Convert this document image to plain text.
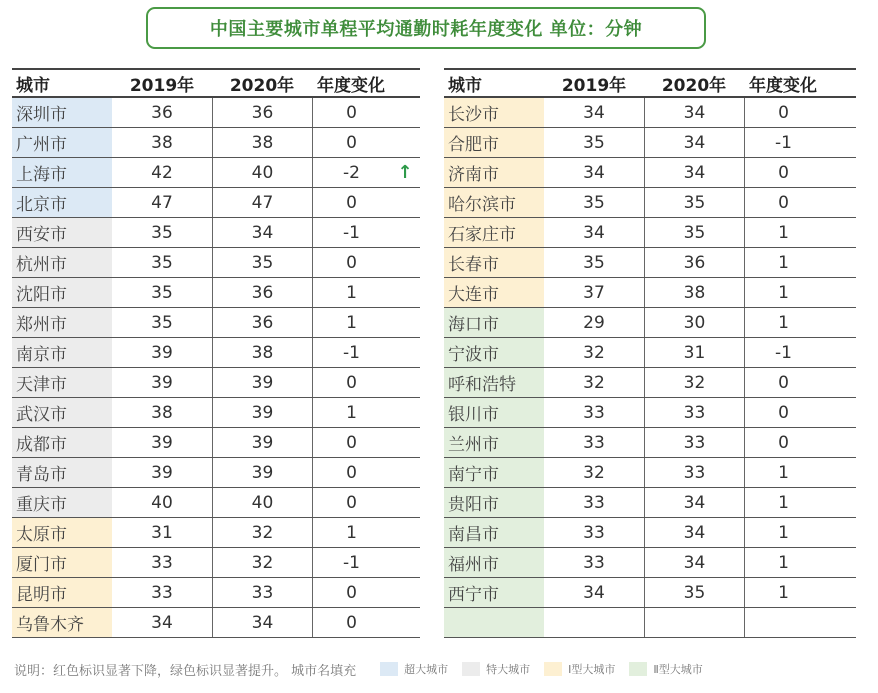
中国主要城市单程平均通勤时耗年度变化 单位：分钟
城市	2019年	2020年	年度变化
深圳市	36	36	0
广州市	38	38	0
上海市	42	40	-2	↑
北京市	47	47	0
西安市	35	34	-1
杭州市	35	35	0
沈阳市	35	36	1
郑州市	35	36	1
南京市	39	38	-1
天津市	39	39	0
武汉市	38	39	1
成都市	39	39	0
青岛市	39	39	0
重庆市	40	40	0
太原市	31	32	1
厦门市	33	32	-1
昆明市	33	33	0
乌鲁木齐	34	34	0
城市	2019年	2020年	年度变化
长沙市	34	34	0
合肥市	35	34	-1
济南市	34	34	0
哈尔滨市	35	35	0
石家庄市	34	35	1
长春市	35	36	1
大连市	37	38	1
海口市	29	30	1
宁波市	32	31	-1
呼和浩特	32	32	0
银川市	33	33	0
兰州市	33	33	0
南宁市	32	33	1
贵阳市	33	34	1
南昌市	33	34	1
福州市	33	34	1
西宁市	34	35	1
说明：红色标识显著下降，绿色标识显著提升。 城市名填充	超大城市	特大城市	Ⅰ型大城市	Ⅱ型大城市
